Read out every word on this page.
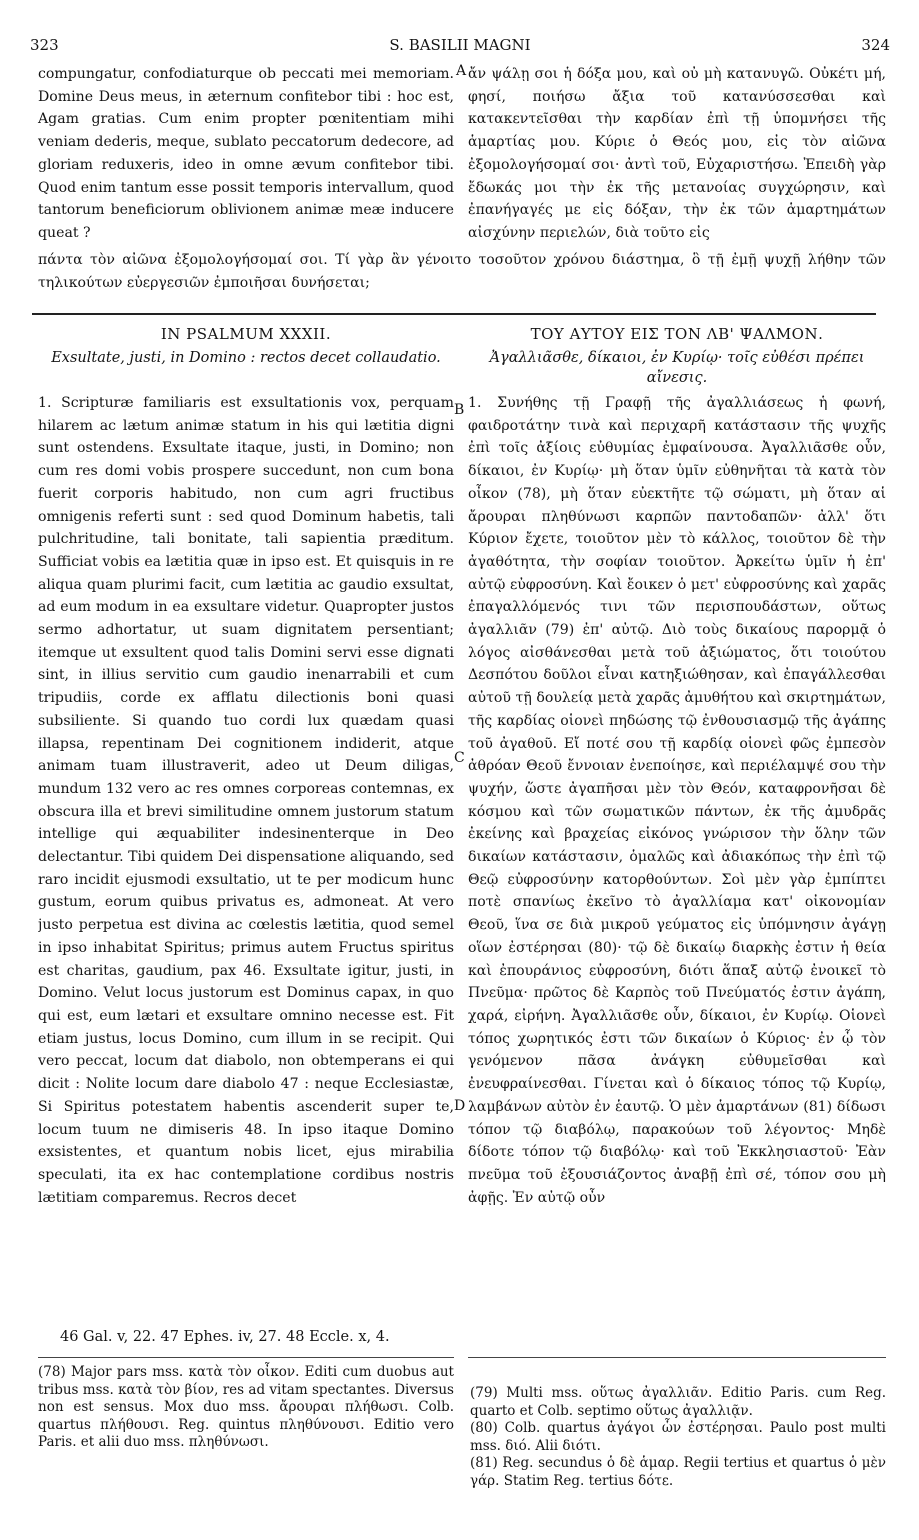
323	S. BASILII MAGNI	324

compungatur, confodiaturque ob peccati mei memoriam. Domine Deus meus, in æternum confitebor tibi : hoc est, Agam gratias. Cum enim propter pœnitentiam mihi veniam dederis, meque, sublato peccatorum dedecore, ad gloriam reduxeris, ideo in omne ævum confitebor tibi. Quod enim tantum esse possit temporis intervallum, quod tantorum beneficiorum oblivionem animæ meæ inducere queat ?

A ἄν ψάλῃ σοι ἡ δόξα μου, καὶ οὐ μὴ κατανυγῶ. Οὐκέτι μή, φησί, ποιήσω ἄξια τοῦ κατανύσσεσθαι καὶ κατακεντεῖσθαι τὴν καρδίαν ἐπὶ τῇ ὑπομνήσει τῆς ἁμαρτίας μου. Κύριε ὁ Θεός μου, εἰς τὸν αἰῶνα ἐξομολογήσομαί σοι· ἀντὶ τοῦ, Εὐχαριστήσω. Ἐπειδὴ γὰρ ἔδωκάς μοι τὴν ἐκ τῆς μετανοίας συγχώρησιν, καὶ ἐπανήγαγές με εἰς δόξαν, τὴν ἐκ τῶν ἁμαρτημάτων αἰσχύνην περιελών, διὰ τοῦτο εἰς

πάντα τὸν αἰῶνα ἐξομολογήσομαί σοι. Τί γὰρ ἂν γένοιτο τοσοῦτον χρόνου διάστημα, ὃ τῇ ἐμῇ ψυχῇ λήθην τῶν τηλικούτων εὐεργεσιῶν ἐμποιῆσαι δυνήσεται;

IN PSALMUM XXXII.	ΤΟΥ ΑΥΤΟΥ ΕΙΣ ΤΟΝ ΛΒ' ΨΑΛΜΟΝ.
Exsultate, justi, in Domino : rectos decet collaudatio.	Ἀγαλλιᾶσθε, δίκαιοι, ἐν Κυρίῳ· τοῖς εὐθέσι πρέπει αἴνεσις.

1. Scripturæ familiaris est exsultationis vox, perquam hilarem ac lætum animæ statum in his qui lætitia digni sunt ostendens. Exsultate itaque, justi, in Domino; non cum res domi vobis prospere succedunt, non cum bona fuerit corporis habitudo, non cum agri fructibus omnigenis referti sunt : sed quod Dominum habetis, tali pulchritudine, tali bonitate, tali sapientia præditum. Sufficiat vobis ea lætitia quæ in ipso est. Et quisquis in re aliqua quam plurimi facit, cum lætitia ac gaudio exsultat, ad eum modum in ea exsultare videtur. Quapropter justos sermo adhortatur, ut suam dignitatem persentiant; itemque ut exsultent quod talis Domini servi esse dignati sint, in illius servitio cum gaudio inenarrabili et cum tripudiis, corde ex afflatu dilectionis boni quasi subsiliente. Si quando tuo cordi lux quædam quasi illapsa, repentinam Dei cognitionem indiderit, atque animam tuam illustraverit, adeo ut Deum diligas, mundum 132 vero ac res omnes corporeas contemnas, ex obscura illa et brevi similitudine omnem justorum statum intellige qui æquabiliter indesinenterque in Deo delectantur. Tibi quidem Dei dispensatione aliquando, sed raro incidit ejusmodi exsultatio, ut te per modicum hunc gustum, eorum quibus privatus es, admoneat. At vero justo perpetua est divina ac cœlestis lætitia, quod semel in ipso inhabitat Spiritus; primus autem Fructus spiritus est charitas, gaudium, pax 46. Exsultate igitur, justi, in Domino. Velut locus justorum est Dominus capax, in quo qui est, eum lætari et exsultare omnino necesse est. Fit etiam justus, locus Domino, cum illum in se recipit. Qui vero peccat, locum dat diabolo, non obtemperans ei qui dicit : Nolite locum dare diabolo 47 : neque Ecclesiastæ, Si Spiritus potestatem habentis ascenderit super te, locum tuum ne dimiseris 48. In ipso itaque Domino exsistentes, et quantum nobis licet, ejus mirabilia speculati, ita ex hac contemplatione cordibus nostris lætitiam comparemus. Recros decet

B
C
D

1. Συνήθης τῇ Γραφῇ τῆς ἀγαλλιάσεως ἡ φωνή, φαιδροτάτην τινὰ καὶ περιχαρῆ κατάστασιν τῆς ψυχῆς ἐπὶ τοῖς ἀξίοις εὐθυμίας ἐμφαίνουσα. Ἀγαλλιᾶσθε οὖν, δίκαιοι, ἐν Κυρίῳ· μὴ ὅταν ὑμῖν εὐθηνῆται τὰ κατὰ τὸν οἶκον (78), μὴ ὅταν εὐεκτῆτε τῷ σώματι, μὴ ὅταν αἱ ἄρουραι πληθύνωσι καρπῶν παντοδαπῶν· ἀλλ' ὅτι Κύριον ἔχετε, τοιοῦτον μὲν τὸ κάλλος, τοιοῦτον δὲ τὴν ἀγαθότητα, τὴν σοφίαν τοιοῦτον. Ἀρκείτω ὑμῖν ἡ ἐπ' αὐτῷ εὐφροσύνη. Καὶ ἔοικεν ὁ μετ' εὐφροσύνης καὶ χαρᾶς ἐπαγαλλόμενός τινι τῶν περισπουδάστων, οὕτως ἀγαλλιᾶν (79) ἐπ' αὐτῷ. Διὸ τοὺς δικαίους παρορμᾷ ὁ λόγος αἰσθάνεσθαι μετὰ τοῦ ἀξιώματος, ὅτι τοιούτου Δεσπότου δοῦλοι εἶναι κατηξιώθησαν, καὶ ἐπαγάλλεσθαι αὐτοῦ τῇ δουλείᾳ μετὰ χαρᾶς ἀμυθήτου καὶ σκιρτημάτων, τῆς καρδίας οἱονεὶ πηδώσης τῷ ἐνθουσιασμῷ τῆς ἀγάπης τοῦ ἀγαθοῦ. Εἴ ποτέ σου τῇ καρδίᾳ οἱονεὶ φῶς ἐμπεσὸν ἀθρόαν Θεοῦ ἔννοιαν ἐνεποίησε, καὶ περιέλαμψέ σου τὴν ψυχήν, ὥστε ἀγαπῆσαι μὲν τὸν Θεόν, καταφρονῆσαι δὲ κόσμου καὶ τῶν σωματικῶν πάντων, ἐκ τῆς ἀμυδρᾶς ἐκείνης καὶ βραχείας εἰκόνος γνώρισον τὴν ὅλην τῶν δικαίων κατάστασιν, ὁμαλῶς καὶ ἀδιακόπως τὴν ἐπὶ τῷ Θεῷ εὐφροσύνην κατορθούντων. Σοὶ μὲν γὰρ ἐμπίπτει ποτὲ σπανίως ἐκεῖνο τὸ ἀγαλλίαμα κατ' οἰκονομίαν Θεοῦ, ἵνα σε διὰ μικροῦ γεύματος εἰς ὑπόμνησιν ἀγάγῃ οἵων ἐστέρησαι (80)· τῷ δὲ δικαίῳ διαρκὴς ἐστιν ἡ θεία καὶ ἐπουράνιος εὐφροσύνη, διότι ἅπαξ αὐτῷ ἐνοικεῖ τὸ Πνεῦμα· πρῶτος δὲ Καρπὸς τοῦ Πνεύματός ἐστιν ἀγάπη, χαρά, εἰρήνη. Ἀγαλλιᾶσθε οὖν, δίκαιοι, ἐν Κυρίῳ. Οἱονεὶ τόπος χωρητικός ἐστι τῶν δικαίων ὁ Κύριος· ἐν ᾧ τὸν γενόμενον πᾶσα ἀνάγκη εὐθυμεῖσθαι καὶ ἐνευφραίνεσθαι. Γίνεται καὶ ὁ δίκαιος τόπος τῷ Κυρίῳ, λαμβάνων αὐτὸν ἐν ἑαυτῷ. Ὁ μὲν ἁμαρτάνων (81) δίδωσι τόπον τῷ διαβόλῳ, παρακούων τοῦ λέγοντος· Μηδὲ δίδοτε τόπον τῷ διαβόλῳ· καὶ τοῦ Ἐκκλησιαστοῦ· Ἐὰν πνεῦμα τοῦ ἐξουσιάζοντος ἀναβῇ ἐπὶ σέ, τόπον σου μὴ ἀφῇς. Ἐν αὐτῷ οὖν

46 Gal. v, 22. 47 Ephes. iv, 27. 48 Eccle. x, 4.

(78) Major pars mss. κατὰ τὸν οἶκον. Editi cum duobus aut tribus mss. κατὰ τὸν βίον, res ad vitam spectantes. Diversus non est sensus. Mox duo mss. ἄρουραι πλήθωσι. Colb. quartus πλήθουσι. Reg. quintus πληθύνουσι. Editio vero Paris. et alii duo mss. πληθύνωσι.

(79) Multi mss. οὕτως ἀγαλλιᾶν. Editio Paris. cum Reg. quarto et Colb. septimo οὕτως ἀγαλλιᾷν.

(80) Colb. quartus ἀγάγοι ὧν ἐστέρησαι. Paulo post multi mss. διό. Alii διότι.

(81) Reg. secundus ὁ δὲ ἁμαρ. Regii tertius et quartus ὁ μὲν γάρ. Statim Reg. tertius δότε.
